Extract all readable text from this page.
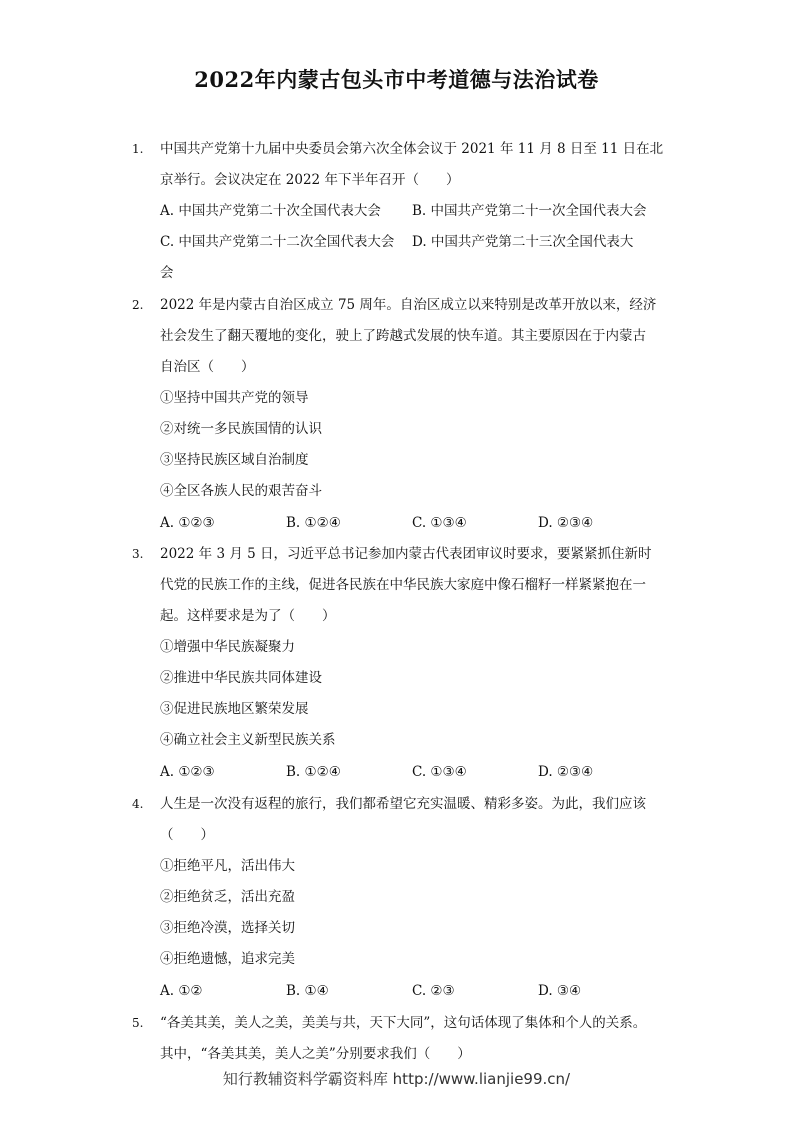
2022年内蒙古包头市中考道德与法治试卷
1. 中国共产党第十九届中央委员会第六次全体会议于 2021 年 11 月 8 日至 11 日在北
京举行。会议决定在 2022 年下半年召开（　　）
A. 中国共产党第二十次全国代表大会 B. 中国共产党第二十一次全国代表大会
C. 中国共产党第二十二次全国代表大会 D. 中国共产党第二十三次全国代表大
会
2. 2022 年是内蒙古自治区成立 75 周年。自治区成立以来特别是改革开放以来，经济
社会发生了翻天覆地的变化，驶上了跨越式发展的快车道。其主要原因在于内蒙古
自治区（　　）
①坚持中国共产党的领导
②对统一多民族国情的认识
③坚持民族区域自治制度
④全区各族人民的艰苦奋斗
A. ①②③	B. ①②④	C. ①③④	D. ②③④
3. 2022 年 3 月 5 日，习近平总书记参加内蒙古代表团审议时要求，要紧紧抓住新时
代党的民族工作的主线，促进各民族在中华民族大家庭中像石榴籽一样紧紧抱在一
起。这样要求是为了（　　）
①增强中华民族凝聚力
②推进中华民族共同体建设
③促进民族地区繁荣发展
④确立社会主义新型民族关系
A. ①②③	B. ①②④	C. ①③④	D. ②③④
4. 人生是一次没有返程的旅行，我们都希望它充实温暖、精彩多姿。为此，我们应该
（　　）
①拒绝平凡，活出伟大
②拒绝贫乏，活出充盈
③拒绝冷漠，选择关切
④拒绝遗憾，追求完美
A. ①②	B. ①④	C. ②③	D. ③④
5. “各美其美，美人之美，美美与共，天下大同”，这句话体现了集体和个人的关系。
其中，“各美其美，美人之美”分别要求我们（　　）
知行教辅资料学霸资料库 http://www.lianjie99.cn/
